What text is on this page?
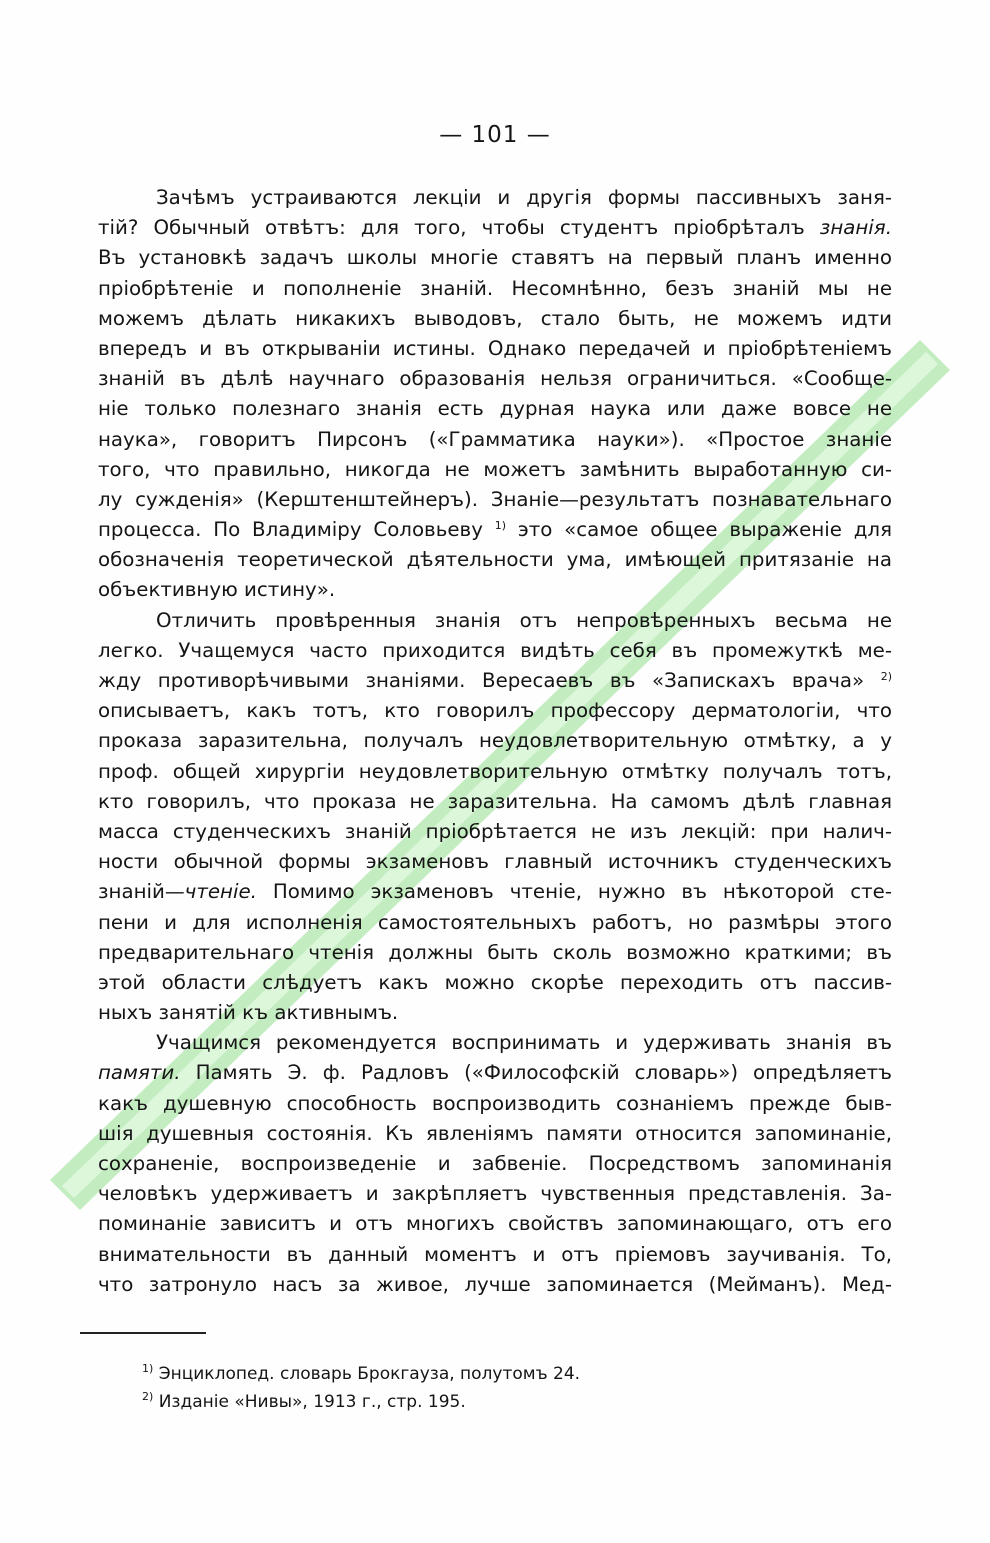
— 101 —
Зачѣмъ устраиваются лекціи и другія формы пассивныхъ заня-
тій? Обычный отвѣтъ: для того, чтобы студентъ пріобрѣталъ знанія.
Въ установкѣ задачъ школы многіе ставятъ на первый планъ именно
пріобрѣтеніе и пополненіе знаній. Несомнѣнно, безъ знаній мы не
можемъ дѣлать никакихъ выводовъ, стало быть, не можемъ идти
впередъ и въ открываніи истины. Однако передачей и пріобрѣтеніемъ
знаній въ дѣлѣ научнаго образованія нельзя ограничиться. «Сообще-
ніе только полезнаго знанія есть дурная наука или даже вовсе не
наука», говоритъ Пирсонъ («Грамматика науки»). «Простое знаніе
того, что правильно, никогда не можетъ замѣнить выработанную си-
лу сужденія» (Керштенштейнеръ). Знаніе—результатъ познавательнаго
процесса. По Владиміру Соловьеву $^{1)}$ это «самое общее выраженіе для
обозначенія теоретической дѣятельности ума, имѣющей притязаніе на
объективную истину».
Отличить провѣренныя знанія отъ непровѣренныхъ весьма не
легко. Учащемуся часто приходится видѣть себя въ промежуткѣ ме-
жду противорѣчивыми знаніями. Вересаевъ въ «Запискахъ врача» $^{2)}$
описываетъ, какъ тотъ, кто говорилъ профессору дерматологіи, что
проказа заразительна, получалъ неудовлетворительную отмѣтку, а у
проф. общей хирургіи неудовлетворительную отмѣтку получалъ тотъ,
кто говорилъ, что проказа не заразительна. На самомъ дѣлѣ главная
масса студенческихъ знаній пріобрѣтается не изъ лекцій: при налич-
ности обычной формы экзаменовъ главный источникъ студенческихъ
знаній—чтеніе. Помимо экзаменовъ чтеніе, нужно въ нѣкоторой сте-
пени и для исполненія самостоятельныхъ работъ, но размѣры этого
предварительнаго чтенія должны быть сколь возможно краткими; въ
этой области слѣдуетъ какъ можно скорѣе переходить отъ пассив-
ныхъ занятій къ активнымъ.
Учащимся рекомендуется воспринимать и удерживать знанія въ
памяти. Память Э. ф. Радловъ («Философскій словарь») опредѣляетъ
какъ душевную способность воспроизводить сознаніемъ прежде быв-
шія душевныя состоянія. Къ явленіямъ памяти относится запоминаніе,
сохраненіе, воспроизведеніе и забвеніе. Посредствомъ запоминанія
человѣкъ удерживаетъ и закрѣпляетъ чувственныя представленія. За-
поминаніе зависитъ и отъ многихъ свойствъ запоминающаго, отъ его
внимательности въ данный моментъ и отъ пріемовъ заучиванія. То,
что затронуло насъ за живое, лучше запоминается (Мейманъ). Мед-
$^{1)}$ Энциклопед. словарь Брокгауза, полутомъ 24.
$^{2)}$ Изданіе «Нивы», 1913 г., стр. 195.
